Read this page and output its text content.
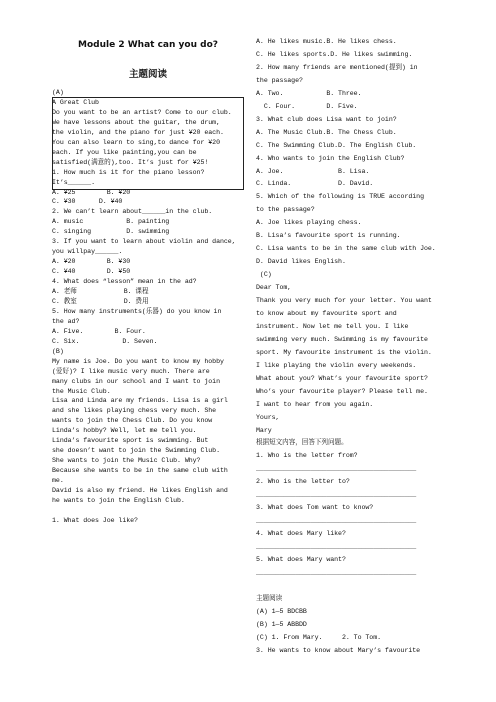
Module 2 What can you do?
主题阅读
(A)
A Great Club
Do you want to be an artist? Come to our club.
We have lessons about the guitar, the drum,
the violin, and the piano for just ¥20 each.
You can also learn to sing,to dance for ¥20
each. If you like painting,you can be
satisfied(满意的),too. It’s just for ¥25!
1. How much is it for the piano lesson?
It’s______.
A. ¥25        B. ¥20
C. ¥30      D. ¥40
2. We can’t learn about______in the club.
A. music           B. painting
C. singing         D. swimming
3. If you want to learn about violin and dance,
you willpay______.
A. ¥20        B. ¥30
C. ¥40        D. ¥50
4. What does “lesson” mean in the ad?
A. 老师            B. 课程
C. 教室            D. 费用
5. How many instruments(乐器) do you know in
the ad?
A. Five.        B. Four.
C. Six.           D. Seven.
(B)
My name is Joe. Do you want to know my hobby
(爱好)? I like music very much. There are
many clubs in our school and I want to join
the Music Club.
Lisa and Linda are my friends. Lisa is a girl
and she likes playing chess very much. She
wants to join the Chess Club. Do you know
Linda’s hobby? Well, let me tell you.
Linda’s favourite sport is swimming. But
she doesn’t want to join the Swimming Club.
She wants to join the Music Club. Why?
Because she wants to be in the same club with
me.
David is also my friend. He likes English and
he wants to join the English Club.
1. What does Joe like?
A. He likes music.B. He likes chess.
C. He likes sports.D. He likes swimming.
2. How many friends are mentioned(提到) in
the passage?
A. Two.           B. Three.
C. Four.        D. Five.
3. What club does Lisa want to join?
A. The Music Club.B. The Chess Club.
C. The Swimming Club.D. The English Club.
4. Who wants to join the English Club?
A. Joe.              B. Lisa.
C. Linda.            D. David.
5. Which of the following is TRUE according
to the passage?
A. Joe likes playing chess.
B. Lisa’s favourite sport is running.
C. Lisa wants to be in the same club with Joe.
D. David likes English.
(C)
Dear Tom,
Thank you very much for your letter. You want
to know about my favourite sport and
instrument. Now let me tell you. I like
swimming very much. Swimming is my favourite
sport. My favourite instrument is the violin.
I like playing the violin every weekends.
What about you? What’s your favourite sport?
Who’s your favourite player? Please tell me.
I want to hear from you again.
Yours,
Mary
根据短文内容，回答下列问题。
1. Who is the letter from?
_________________________________________
2. Who is the letter to?
_________________________________________
3. What does Tom want to know?
_________________________________________
4. What does Mary like?
_________________________________________
5. What does Mary want?
_________________________________________
主题阅读
(A) 1—5 BDCBB
(B) 1—5 ABBDD
(C) 1. From Mary.     2. To Tom.
3. He wants to know about Mary’s favourite
